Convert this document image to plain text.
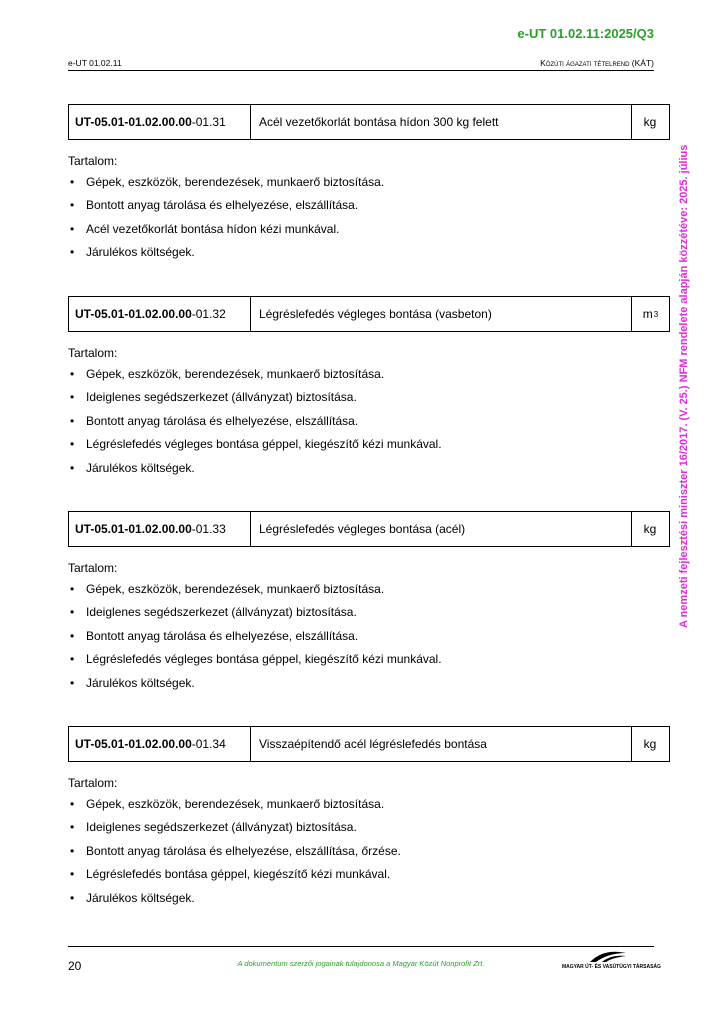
e-UT 01.02.11:2025/Q3
e-UT 01.02.11	Közúti ágazati tételrend (KÁT)
A nemzeti fejlesztési miniszter 16/2017. (V. 25.) NFM rendelete alapján közzétéve: 2025. július
UT-05.01-01.02.00.00 -01.31	Acél vezetőkorlát bontása hídon 300 kg felett	kg
Tartalom:
• Gépek, eszközök, berendezések, munkaerő biztosítása.
• Bontott anyag tárolása és elhelyezése, elszállítása.
• Acél vezetőkorlát bontása hídon kézi munkával.
• Járulékos költségek.
UT-05.01-01.02.00.00 -01.32	Légréslefedés végleges bontása (vasbeton)	m 3
Tartalom:
• Gépek, eszközök, berendezések, munkaerő biztosítása.
• Ideiglenes segédszerkezet (állványzat) biztosítása.
• Bontott anyag tárolása és elhelyezése, elszállítása.
• Légréslefedés végleges bontása géppel, kiegészítő kézi munkával.
• Járulékos költségek.
UT-05.01-01.02.00.00 -01.33	Légréslefedés végleges bontása (acél)	kg
Tartalom:
• Gépek, eszközök, berendezések, munkaerő biztosítása.
• Ideiglenes segédszerkezet (állványzat) biztosítása.
• Bontott anyag tárolása és elhelyezése, elszállítása.
• Légréslefedés végleges bontása géppel, kiegészítő kézi munkával.
• Járulékos költségek.
UT-05.01-01.02.00.00 -01.34	Visszaépítendő acél légréslefedés bontása	kg
Tartalom:
• Gépek, eszközök, berendezések, munkaerő biztosítása.
• Ideiglenes segédszerkezet (állványzat) biztosítása.
• Bontott anyag tárolása és elhelyezése, elszállítása, őrzése.
• Légréslefedés bontása géppel, kiegészítő kézi munkával.
• Járulékos költségek.
20	A dokumentum szerzői jogainak tulajdonosa a Magyar Közút Nonprofit Zrt.	MAGYAR ÚT- ÉS VASÚTÜGYI TÁRSASÁG
